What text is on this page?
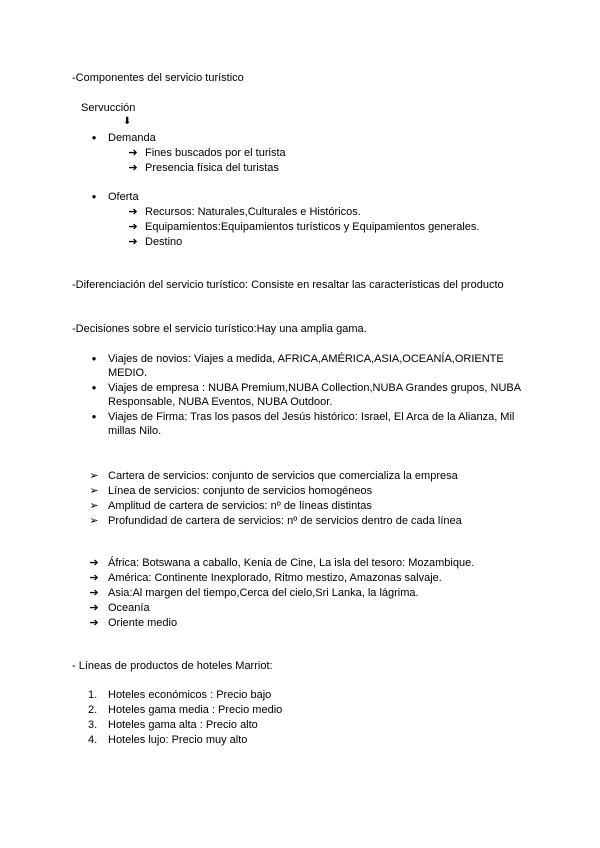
-Componentes del servicio turístico
Servucción
⬇
●	Demanda
➔ Fines buscados por el turista
➔ Presencia física del turistas
●	Oferta
➔ Recursos: Naturales,Culturales e Históricos.
➔ Equipamientos:Equipamientos turísticos y Equipamientos generales.
➔ Destino
-Diferenciación del servicio turístico: Consiste en resaltar las características del producto
-Decisiones sobre el servicio turístico:Hay una amplia gama.
●	Viajes de novios: Viajes a medida, AFRICA,AMÉRICA,ASIA,OCEANÍA,ORIENTE
MEDIO.
●	Viajes de empresa : NUBA Premium,NUBA Collection,NUBA Grandes grupos, NUBA
Responsable, NUBA Eventos, NUBA Outdoor.
●	Viajes de Firma: Tras los pasos del Jesús histórico: Israel, El Arca de la Alianza, Mil
millas Nilo.
➢ Cartera de servicios: conjunto de servicios que comercializa la empresa
➢ Línea de servicios: conjunto de servicios homogéneos
➢ Amplitud de cartera de servicios: nº de líneas distintas
➢ Profundidad de cartera de servicios: nº de servicios dentro de cada línea
➔ África: Botswana a caballo, Kenia de Cine, La isla del tesoro: Mozambique.
➔ América: Continente Inexplorado, Ritmo mestizo, Amazonas salvaje.
➔ Asia:Al margen del tiempo,Cerca del cielo,Sri Lanka, la lágrima.
➔ Oceanía
➔ Oriente medio
- Líneas de productos de hoteles Marriot:
1. Hoteles económicos : Precio bajo
2. Hoteles gama media : Precio medio
3. Hoteles gama alta : Precio alto
4. Hoteles lujo: Precio muy alto
